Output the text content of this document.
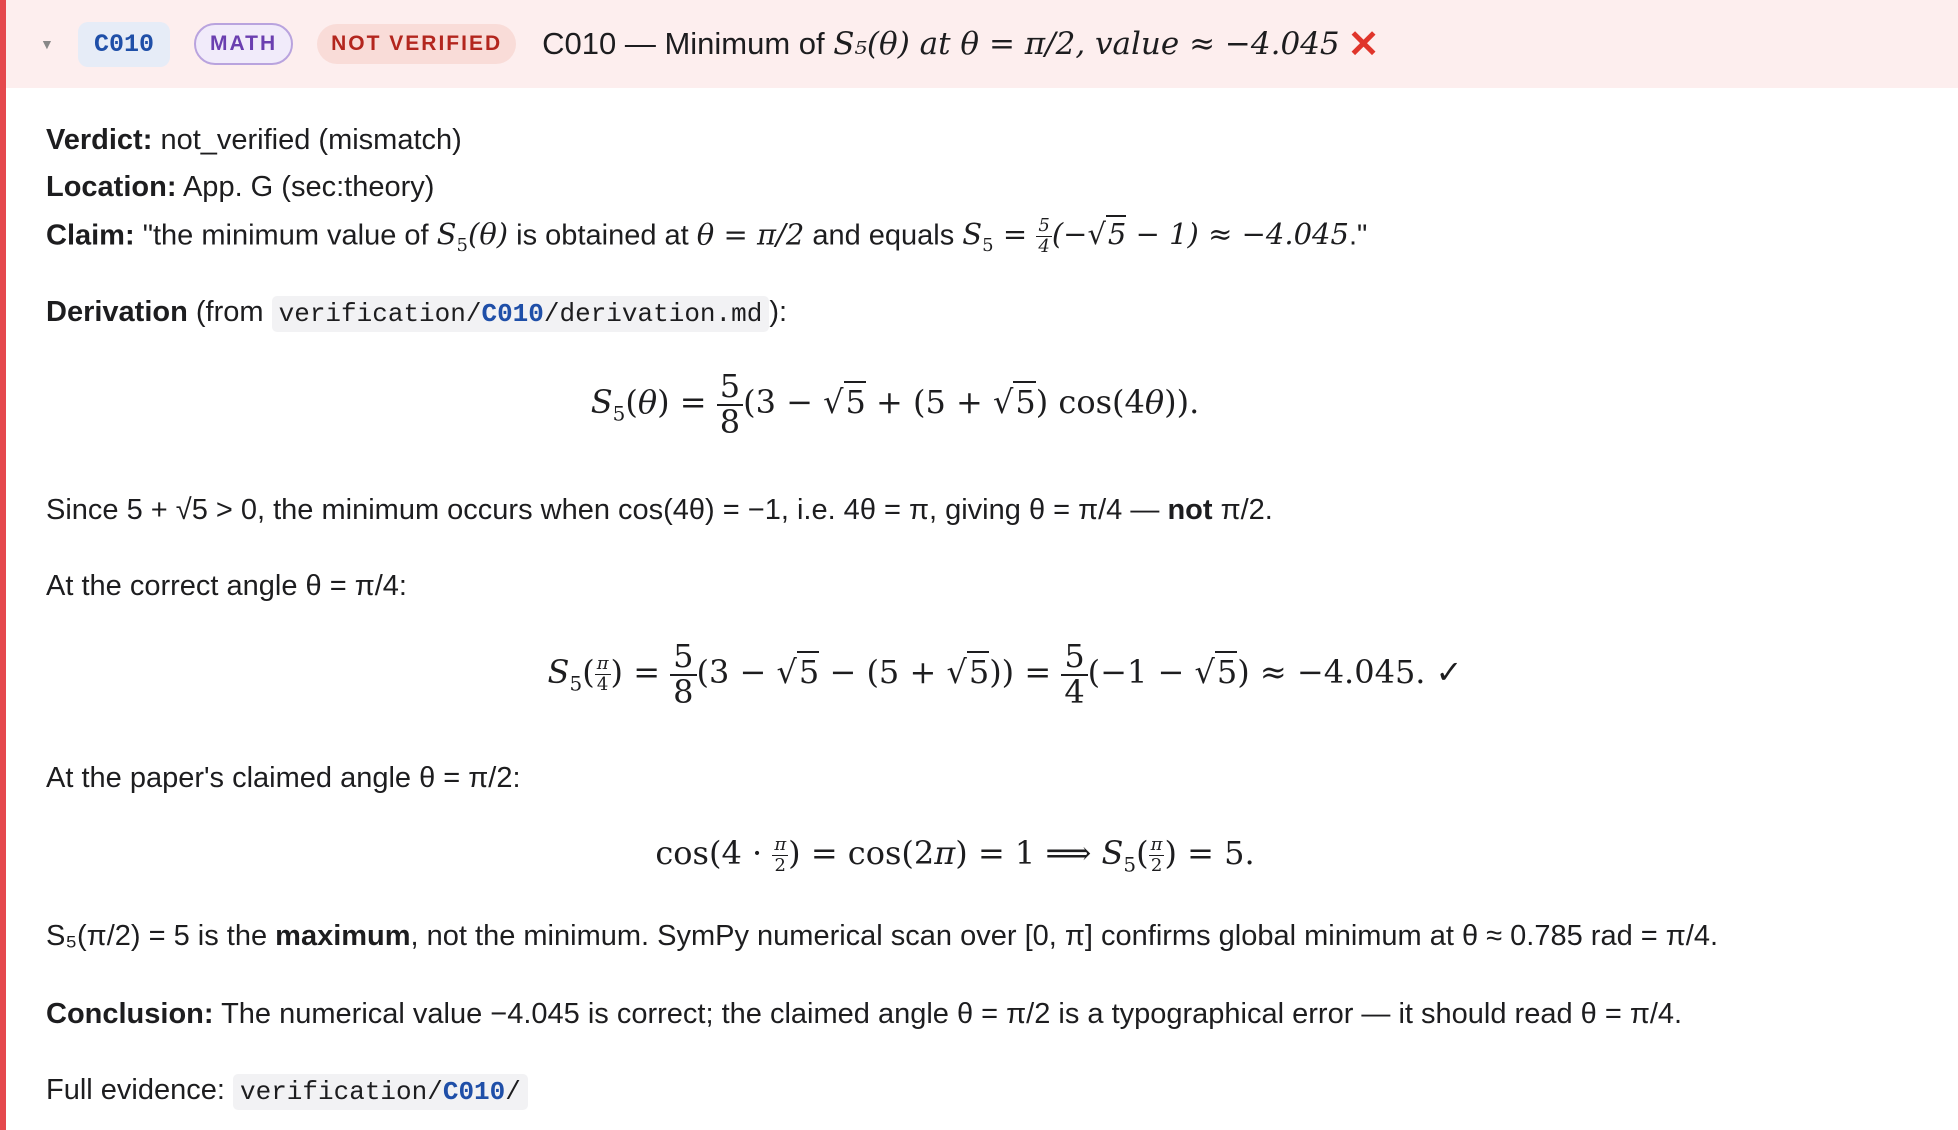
▼	C010	MATH	NOT VERIFIED	C010 — Minimum of S₅(θ) at θ = π/2, value ≈ −4.045 ✕
Verdict: not_verified (mismatch)
Location: App. G (sec:theory)
Claim: "the minimum value of $S_5(\theta)$ is obtained at θ = π/2 and equals $S_5 = \frac{5}{4} (-√5 - 1) \approx -4.045$."
Derivation (from verification/C010/derivation.md ):
$S_5(\theta) = \frac{5}{8} (3 - √5 + (5 + √5)$ cos(4θ)).
Since 5 + √5 > 0, the minimum occurs when cos(4θ) = −1, i.e. 4θ = π, giving θ = π/4 — not π/2.
At the correct angle θ = π/4:
$S_5( \frac{\pi}{4}$ ) = $\frac{5}{8} (3 - √5 - (5 + √5)) = \frac{5}{4} (-1 - √5) \approx -4.045$. ✓
At the paper's claimed angle θ = π/2:
$\cos(4 \cdot \frac{\pi}{2}$ ) = cos(2π) = 1 ⟹ $S_5( \frac{\pi}{2}$ ) = 5.
S₅(π/2) = 5 is the maximum, not the minimum. SymPy numerical scan over [0, π] confirms global minimum at θ ≈ 0.785 rad = π/4.
Conclusion: The numerical value −4.045 is correct; the claimed angle θ = π/2 is a typographical error — it should read θ = π/4.
Full evidence: verification/C010/
